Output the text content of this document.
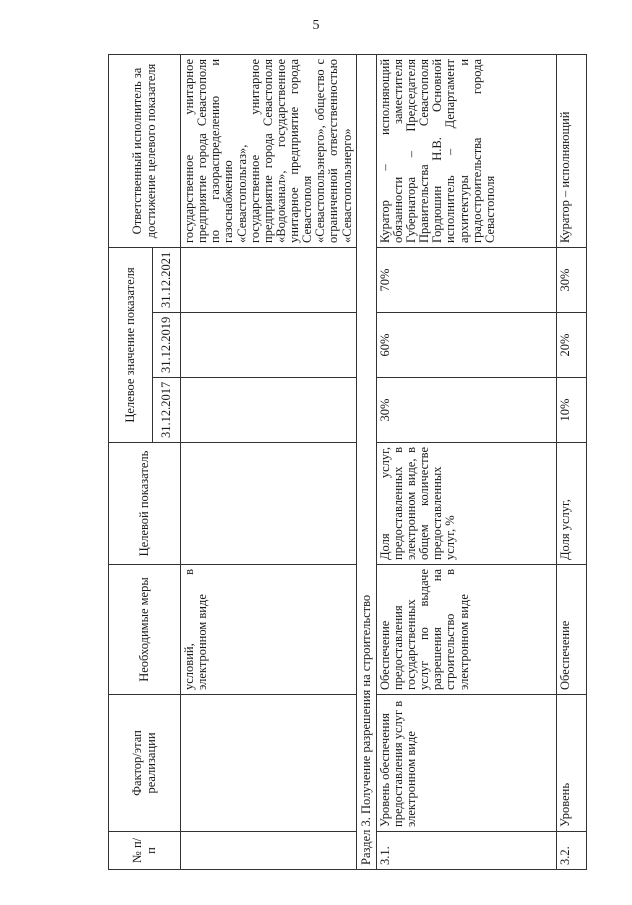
5
№ п/п	Фактор/этап реализации	Необходимые меры	Целевой показатель	Целевое значение показателя			Ответственный исполнитель за достижение целевого показателя
				31.12.2017	31.12.2019	31.12.2021	
		условий, в электронном виде					государственное унитарное предприятие города Севастополя по газораспределению и газоснабжению «Севастопольгаз», государственное унитарное предприятие города Севастополя «Водоканал», государственное унитарное предприятие города Севастополя «Севастопольэнерго», общество с ограниченной ответственностью «Севастопольэнерго»
Раздел 3. Получение разрешения на строительство							
3.1.	Уровень обеспечения предоставления услуг в электронном виде	Обеспечение предоставления государственных услуг по выдаче разрешения на строительство в электронном виде	Доля услуг, предоставленных в электронном виде, в общем количестве предоставленных услуг, %	30%	60%	70%	Куратор – исполняющий обязанности заместителя Губернатора – Председателя Правительства Севастополя Гордюшин Н.В. Основной исполнитель – Департамент архитектуры и градостроительства города Севастополя
3.2.	Уровень	Обеспечение	Доля услуг,	10%	20%	30%	Куратор – исполняющий
